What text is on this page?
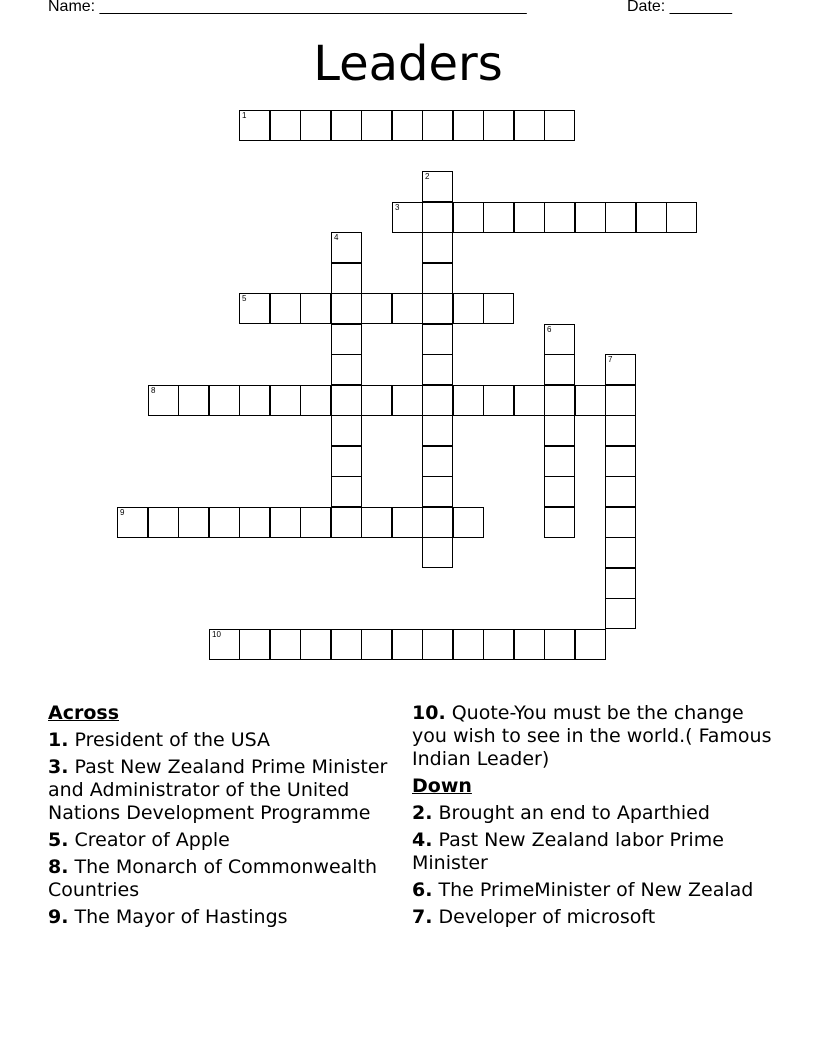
Name: ________________________________________________	Date: _______
Leaders
1
2
3
4
5
6
7
8
9
10
Across
1. President of the USA
3. Past New Zealand Prime Minister and Administrator of the United Nations Development Programme
5. Creator of Apple
8. The Monarch of Commonwealth Countries
9. The Mayor of Hastings
10. Quote-You must be the change you wish to see in the world.( Famous Indian Leader)
Down
2. Brought an end to Aparthied
4. Past New Zealand labor Prime Minister
6. The PrimeMinister of New Zealad
7. Developer of microsoft
